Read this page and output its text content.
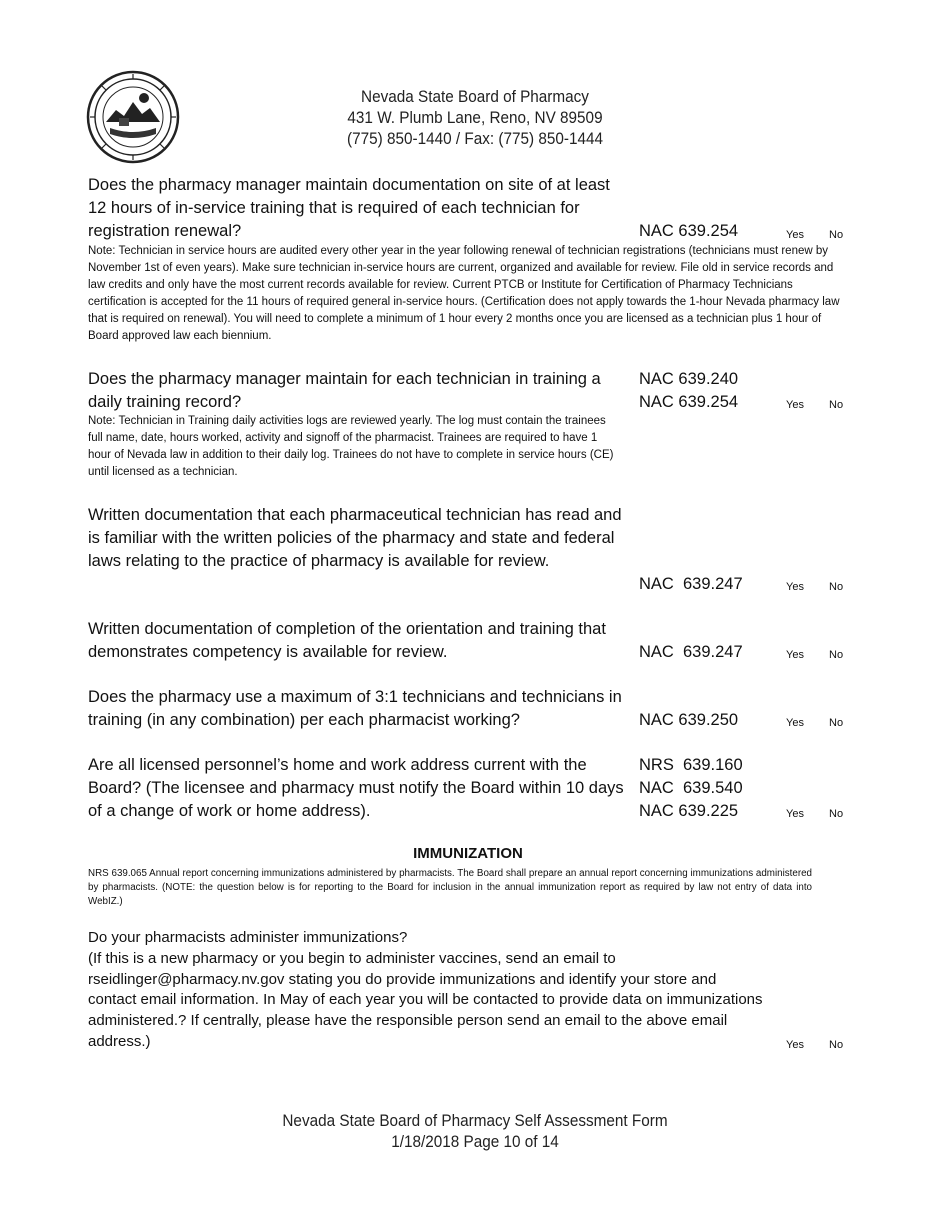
Nevada State Board of Pharmacy
431 W. Plumb Lane, Reno, NV 89509
(775) 850-1440 / Fax: (775) 850-1444
Does the pharmacy manager maintain documentation on site of at least 12 hours of in-service training that is required of each technician for registration renewal?	NAC 639.254	Yes No
Note: Technician in service hours are audited every other year in the year following renewal of technician registrations (technicians must renew by November 1st of even years). Make sure technician in-service hours are current, organized and available for review. File old in service records and law credits and only have the most current records available for review. Current PTCB or Institute for Certification of Pharmacy Technicians certification is accepted for the 11 hours of required general in-service hours. (Certification does not apply towards the 1-hour Nevada pharmacy law that is required on renewal). You will need to complete a minimum of 1 hour every 2 months once you are licensed as a technician plus 1 hour of Board approved law each biennium.
Does the pharmacy manager maintain for each technician in training a daily training record?
NAC 639.240
NAC 639.254	Yes No
Note: Technician in Training daily activities logs are reviewed yearly. The log must contain the trainees full name, date, hours worked, activity and signoff of the pharmacist. Trainees are required to have 1 hour of Nevada law in addition to their daily log. Trainees do not have to complete in service hours (CE) until licensed as a technician.
Written documentation that each pharmaceutical technician has read and is familiar with the written policies of the pharmacy and state and federal laws relating to the practice of pharmacy is available for review.
NAC  639.247	Yes No
Written documentation of completion of the orientation and training that demonstrates competency is available for review.	NAC  639.247	Yes No
Does the pharmacy use a maximum of 3:1 technicians and technicians in training (in any combination) per each pharmacist working?	NAC 639.250	Yes No
Are all licensed personnel’s home and work address current with the Board? (The licensee and pharmacy must notify the Board within 10 days of a change of work or home address).
NRS  639.160
NAC  639.540
NAC 639.225	Yes No
IMMUNIZATION
NRS 639.065 Annual report concerning immunizations administered by pharmacists. The Board shall prepare an annual report concerning immunizations administered by pharmacists. (NOTE: the question below is for reporting to the Board for inclusion in the annual immunization report as required by law not entry of data into WebIZ.)
Do your pharmacists administer immunizations?
(If this is a new pharmacy or you begin to administer vaccines, send an email to rseidlinger@pharmacy.nv.gov stating you do provide immunizations and identify your store and contact email information. In May of each year you will be contacted to provide data on immunizations administered.? If centrally, please have the responsible person send an email to the above email address.)	Yes No
Nevada State Board of Pharmacy Self Assessment Form
1/18/2018 Page 10 of 14
